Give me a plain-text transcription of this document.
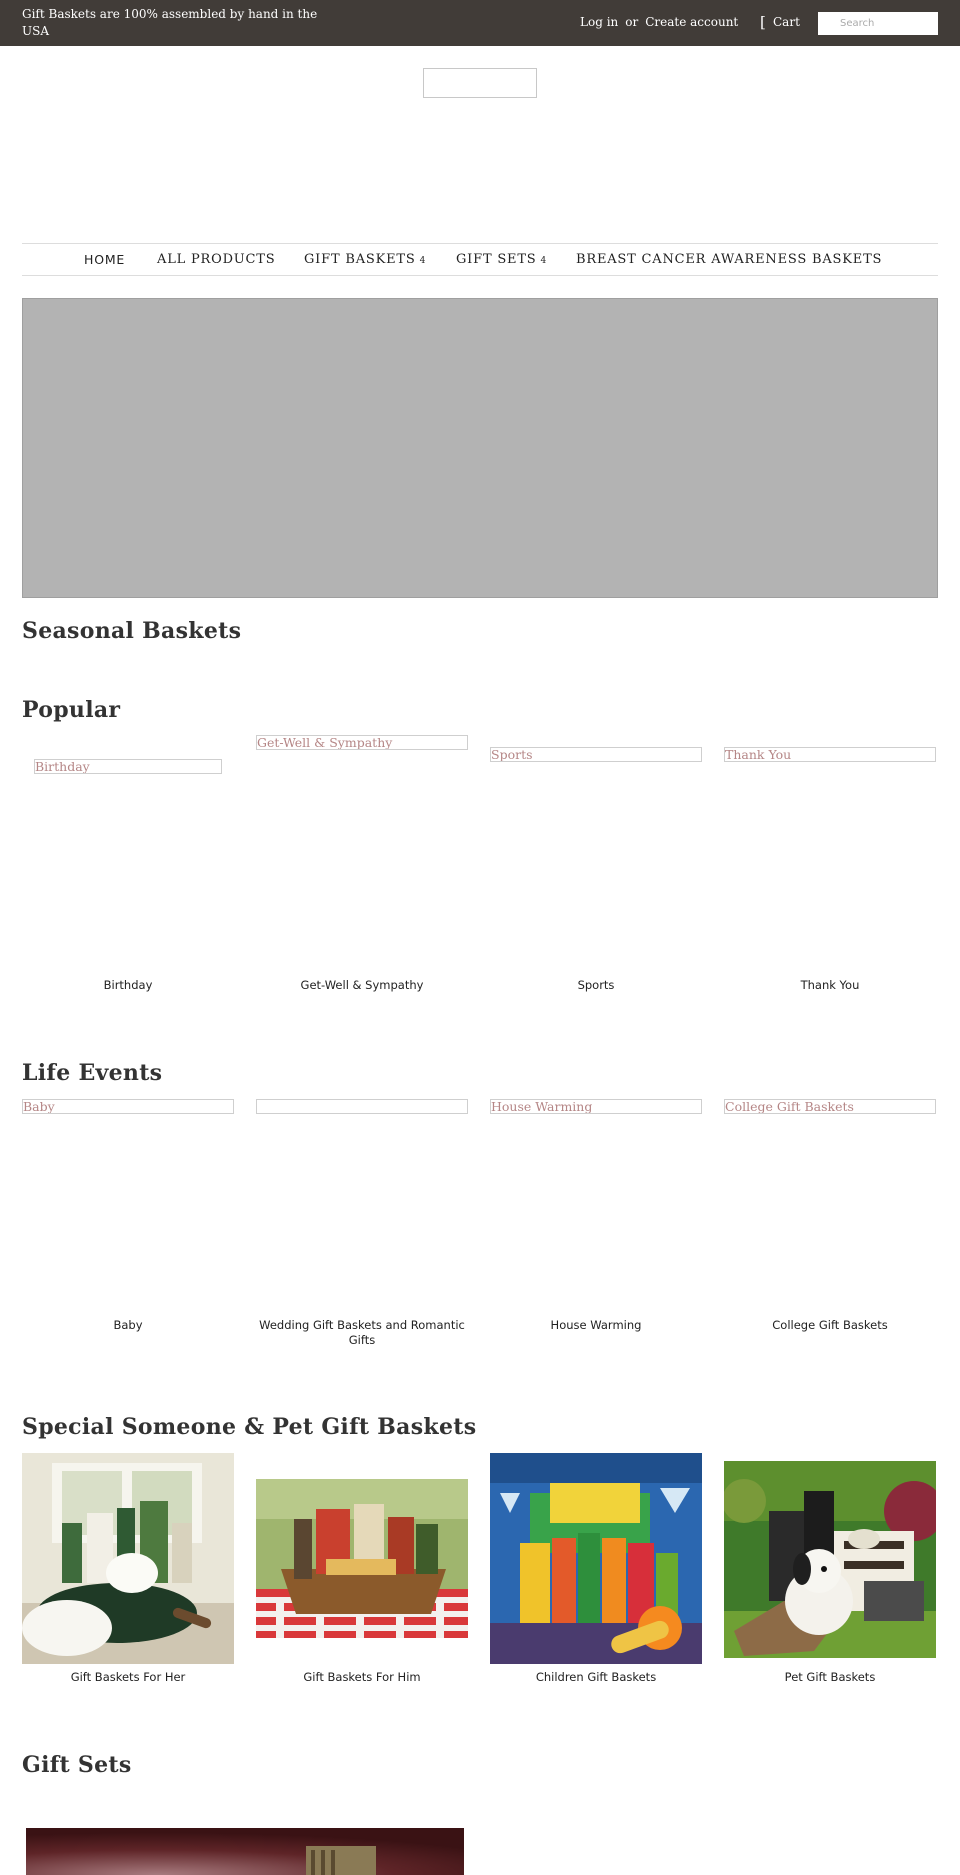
Gift Baskets are 100% assembled by hand in the USA
Log in or Create account [ Cart
Search	s
HOME ALL PRODUCTS GIFT BASKETS 4 GIFT SETS 4 BREAST CANCER AWARENESS BASKETS
Seasonal Baskets
Popular
Birthday
Get-Well & Sympathy
Sports	Thank You
Birthday	Get-Well & Sympathy	Sports	Thank You
Life Events
Baby	House Warming	College Gift Baskets
Baby	Wedding Gift Baskets and Romantic Gifts
House Warming	College Gift Baskets
Special Someone & Pet Gift Baskets
Gift Baskets For Her	Gift Baskets For Him	Children Gift Baskets	Pet Gift Baskets
Gift Sets
